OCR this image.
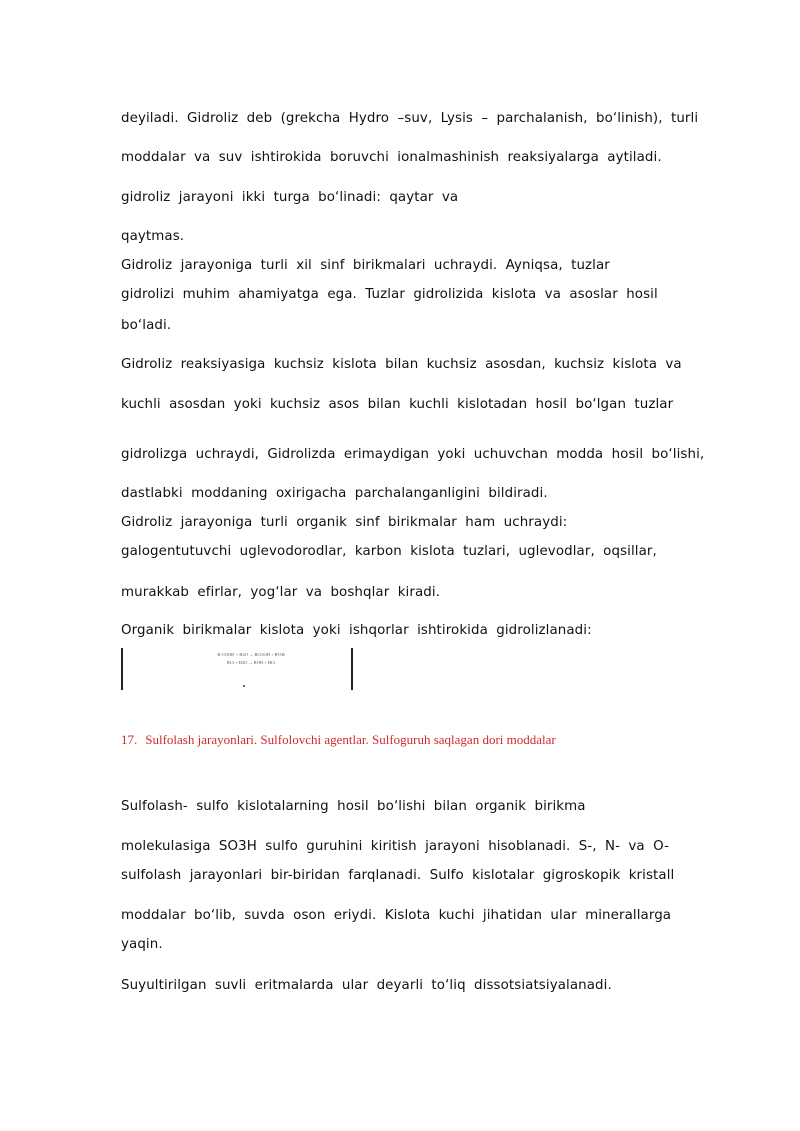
deyiladi. Gidroliz deb (grekcha Hydro –suv, Lysis – parchalanish, bo‘linish), turli
moddalar va suv ishtirokida boruvchi ionalmashinish reaksiyalarga aytiladi.
gidroliz jarayoni ikki turga bo‘linadi: qaytar va
qaytmas.
Gidroliz jarayoniga turli xil sinf birikmalari uchraydi. Ayniqsa, tuzlar
gidrolizi muhim ahamiyatga ega. Tuzlar gidrolizida kislota va asoslar hosil
bo‘ladi.
Gidroliz reaksiyasiga kuchsiz kislota bilan kuchsiz asosdan, kuchsiz kislota va
kuchli asosdan yoki kuchsiz asos bilan kuchli kislotadan hosil bo‘lgan tuzlar
gidrolizga uchraydi, Gidrolizda erimaydigan yoki uchuvchan modda hosil bo‘lishi,
dastlabki moddaning oxirigacha parchalanganligini bildiradi.
Gidroliz jarayoniga turli organik sinf birikmalar ham uchraydi:
galogentutuvchi uglevodorodlar, karbon kislota tuzlari, uglevodlar, oqsillar,
murakkab efirlar, yog‘lar va boshqlar kiradi.
Organik birikmalar kislota yoki ishqorlar ishtirokida gidrolizlanadi:
R-COOR' + H2O → RCOOH + R'OH
RCl + H2O → ROH + HCl
17. Sulfolash jarayonlari. Sulfolovchi agentlar. Sulfoguruh saqlagan dori moddalar
Sulfolash- sulfo kislotalarning hosil bo‘lishi bilan organik birikma
molekulasiga SO3H sulfo guruhini kiritish jarayoni hisoblanadi. S-, N- va O-
sulfolash jarayonlari bir-biridan farqlanadi. Sulfo kislotalar gigroskopik kristall
moddalar bo‘lib, suvda oson eriydi. Kislota kuchi jihatidan ular minerallarga
yaqin.
Suyultirilgan suvli eritmalarda ular deyarli to‘liq dissotsiatsiyalanadi.
